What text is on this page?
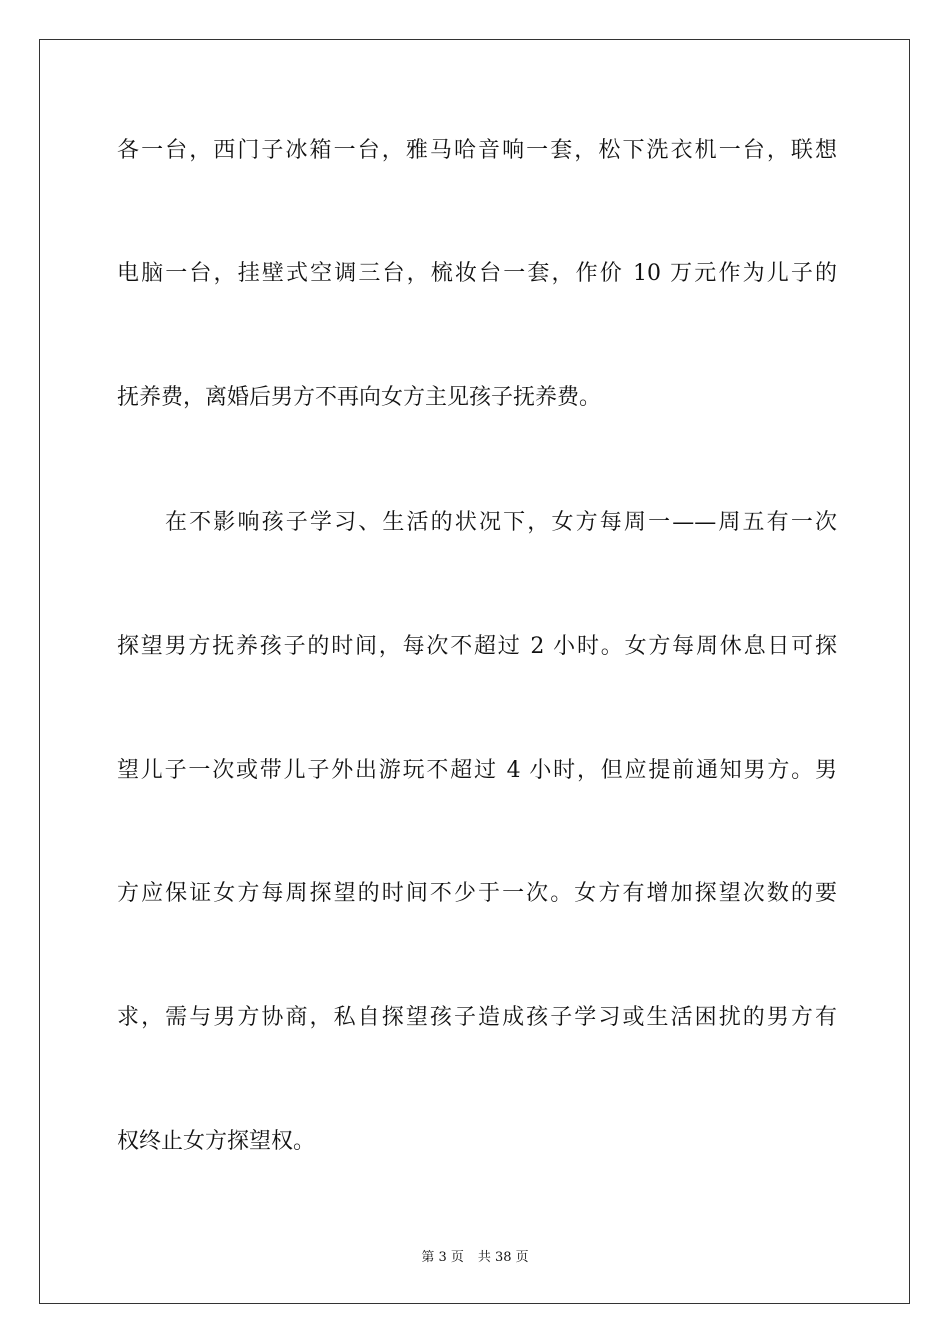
各一台，西门子冰箱一台，雅马哈音响一套，松下洗衣机一台，联想

电脑一台，挂壁式空调三台，梳妆台一套，作价 10 万元作为儿子的

抚养费，离婚后男方不再向女方主见孩子抚养费。

在不影响孩子学习、生活的状况下，女方每周一——周五有一次

探望男方抚养孩子的时间，每次不超过 2 小时。女方每周休息日可探

望儿子一次或带儿子外出游玩不超过 4 小时，但应提前通知男方。男

方应保证女方每周探望的时间不少于一次。女方有增加探望次数的要

求，需与男方协商，私自探望孩子造成孩子学习或生活困扰的男方有

权终止女方探望权。

第 3 页 共 38 页
